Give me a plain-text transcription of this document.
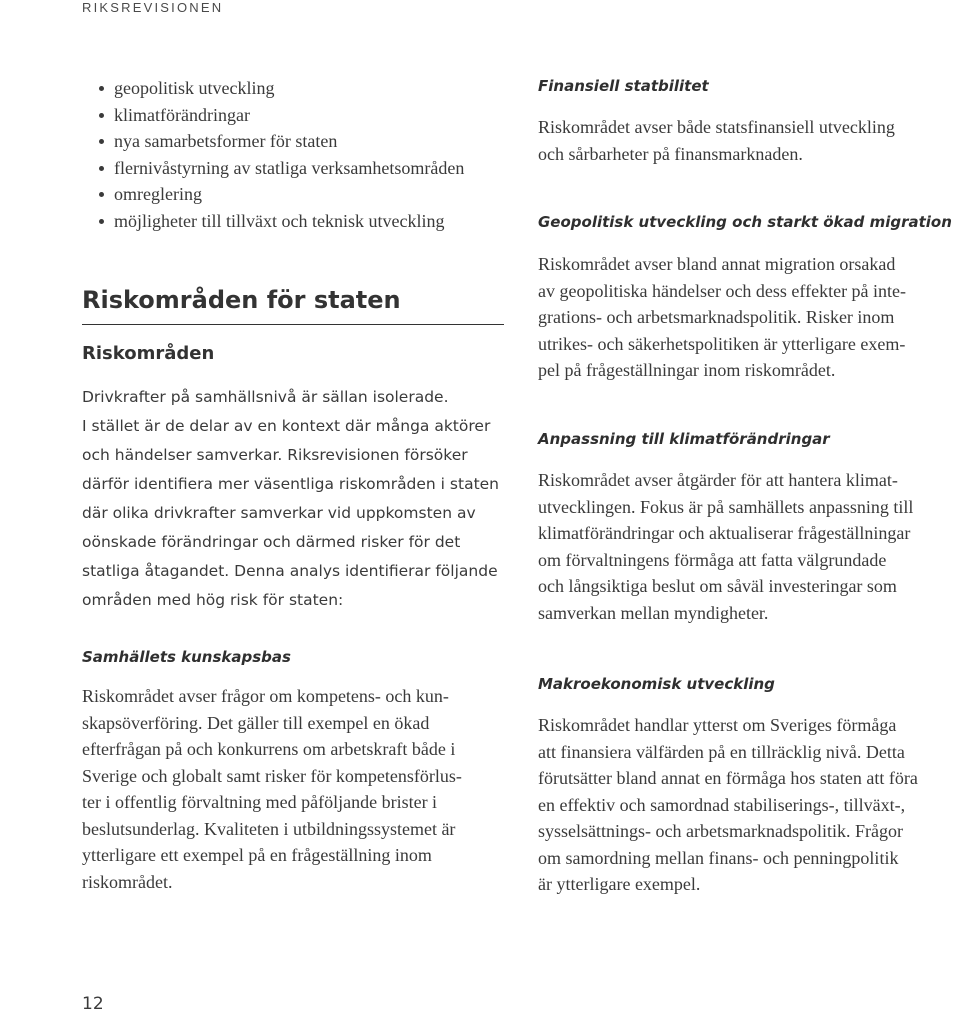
RIKSREVISIONEN
geopolitisk utveckling
klimatförändringar
nya samarbetsformer för staten
flernivåstyrning av statliga verksamhetsområden
omreglering
möjligheter till tillväxt och teknisk utveckling
Riskområden för staten
Riskområden

Drivkrafter på samhällsnivå är sällan isolerade.
I stället är de delar av en kontext där många aktörer
och händelser samverkar. Riksrevisionen försöker
därför identifiera mer väsentliga riskområden i staten
där olika drivkrafter samverkar vid uppkomsten av
oönskade förändringar och därmed risker för det
statliga åtagandet. Denna analys identifierar följande
områden med hög risk för staten:

Samhällets kunskapsbas

Riskområdet avser frågor om kompetens- och kun-
skapsöverföring. Det gäller till exempel en ökad
efterfrågan på och konkurrens om arbetskraft både i
Sverige och globalt samt risker för kompetensförlus-
ter i offentlig förvaltning med påföljande brister i
beslutsunderlag. Kvaliteten i utbildningssystemet är
ytterligare ett exempel på en frågeställning inom
riskområdet.

12
Finansiell statbilitet

Riskområdet avser både statsfinansiell utveckling
och sårbarheter på finansmarknaden.

Geopolitisk utveckling och starkt ökad migration

Riskområdet avser bland annat migration orsakad
av geopolitiska händelser och dess effekter på inte-
grations- och arbetsmarknadspolitik. Risker inom
utrikes- och säkerhetspolitiken är ytterligare exem-
pel på frågeställningar inom riskområdet.

Anpassning till klimatförändringar

Riskområdet avser åtgärder för att hantera klimat-
utvecklingen. Fokus är på samhällets anpassning till
klimatförändringar och aktualiserar frågeställningar
om förvaltningens förmåga att fatta välgrundade
och långsiktiga beslut om såväl investeringar som
samverkan mellan myndigheter.

Makroekonomisk utveckling

Riskområdet handlar ytterst om Sveriges förmåga
att finansiera välfärden på en tillräcklig nivå. Detta
förutsätter bland annat en förmåga hos staten att föra
en effektiv och samordnad stabiliserings-, tillväxt-,
sysselsättnings- och arbetsmarknadspolitik. Frågor
om samordning mellan finans- och penningpolitik
är ytterligare exempel.
